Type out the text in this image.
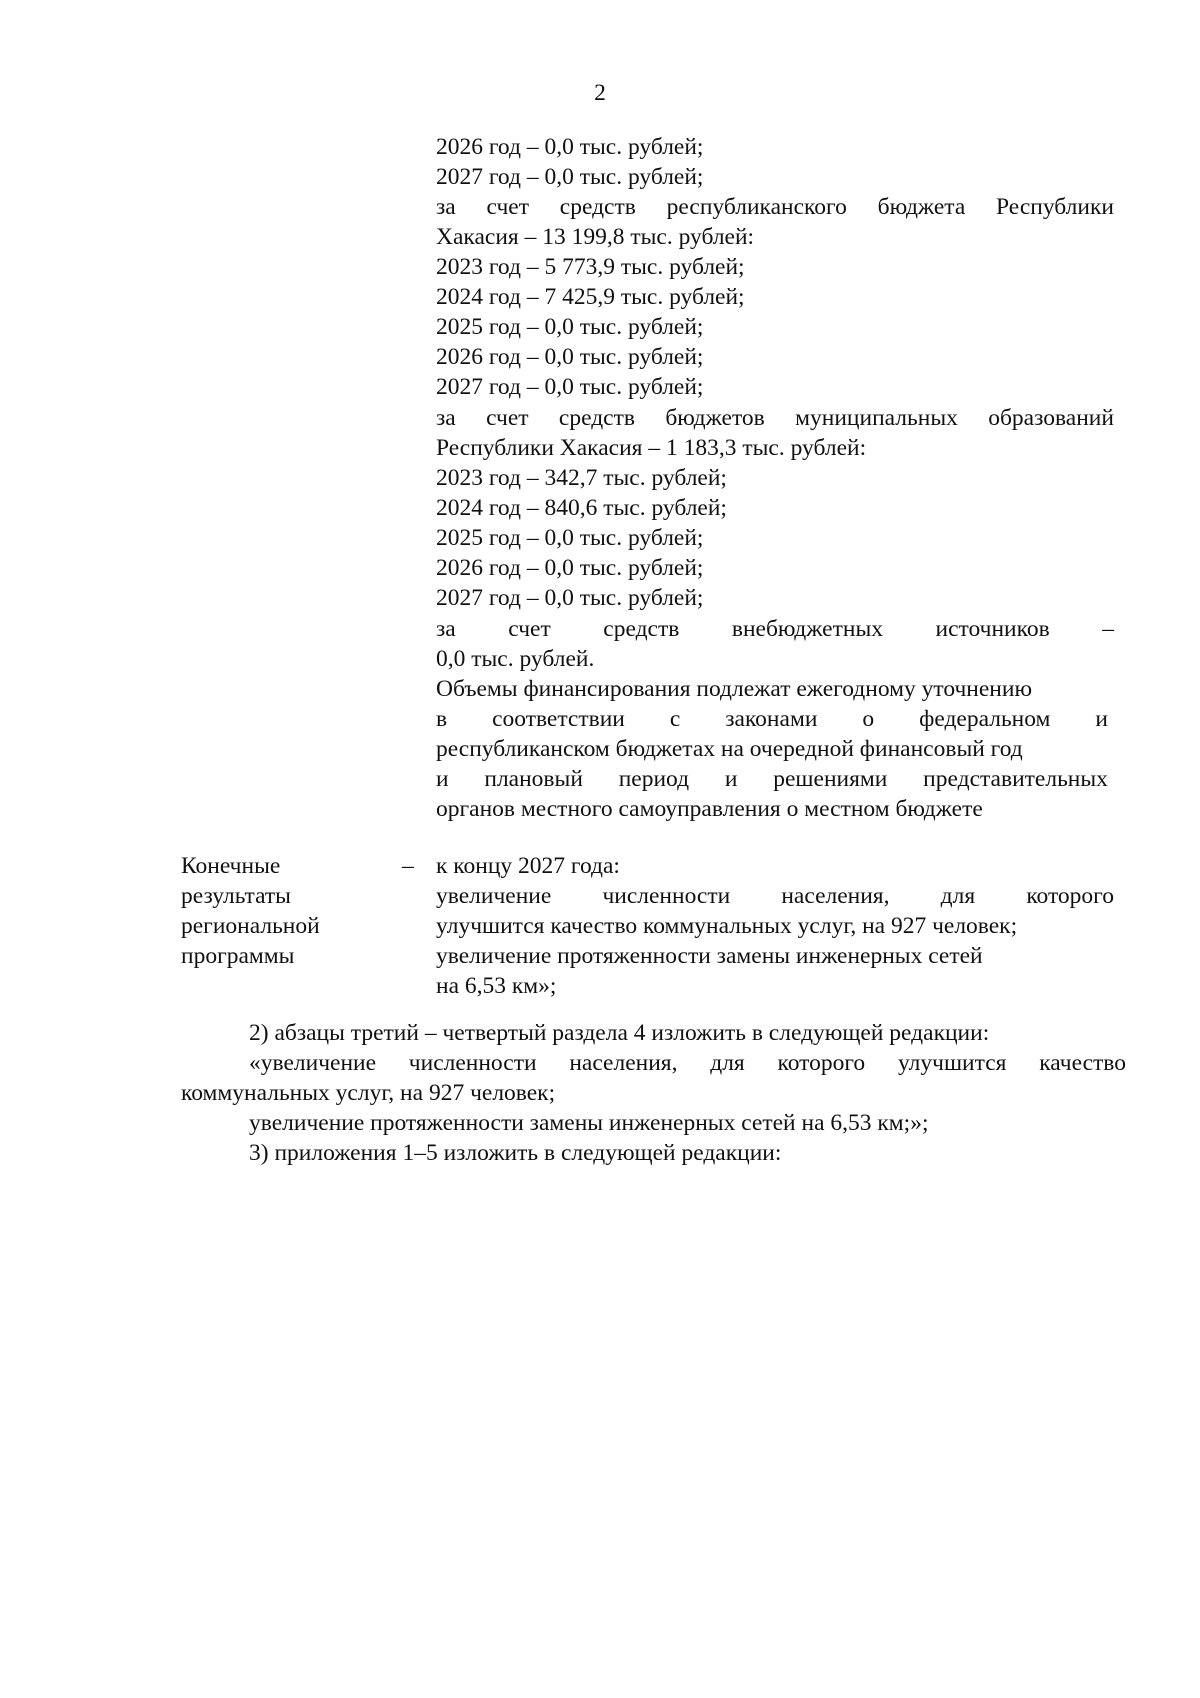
2
2026 год – 0,0 тыс. рублей;
2027 год – 0,0 тыс. рублей;
за счет средств республиканского бюджета Республики
Хакасия – 13 199,8 тыс. рублей:
2023 год – 5 773,9 тыс. рублей;
2024 год – 7 425,9 тыс. рублей;
2025 год – 0,0 тыс. рублей;
2026 год – 0,0 тыс. рублей;
2027 год – 0,0 тыс. рублей;
за счет средств бюджетов муниципальных образований
Республики Хакасия – 1 183,3 тыс. рублей:
2023 год – 342,7 тыс. рублей;
2024 год – 840,6 тыс. рублей;
2025 год – 0,0 тыс. рублей;
2026 год – 0,0 тыс. рублей;
2027 год – 0,0 тыс. рублей;
за счет средств внебюджетных источников –
0,0 тыс. рублей.
Объемы финансирования подлежат ежегодному уточнению
в соответствии с законами о федеральном и
республиканском бюджетах на очередной финансовый год
и плановый период и решениями представительных
органов местного самоуправления о местном бюджете
Конечные
результаты
региональной
программы
– к концу 2027 года:
увеличение численности населения, для которого
улучшится качество коммунальных услуг, на 927 человек;
увеличение протяженности замены инженерных сетей
на 6,53 км»;
2) абзацы третий – четвертый раздела 4 изложить в следующей редакции:
«увеличение численности населения, для которого улучшится качество
коммунальных услуг, на 927 человек;
увеличение протяженности замены инженерных сетей на 6,53 км;»;
3) приложения 1–5 изложить в следующей редакции:
